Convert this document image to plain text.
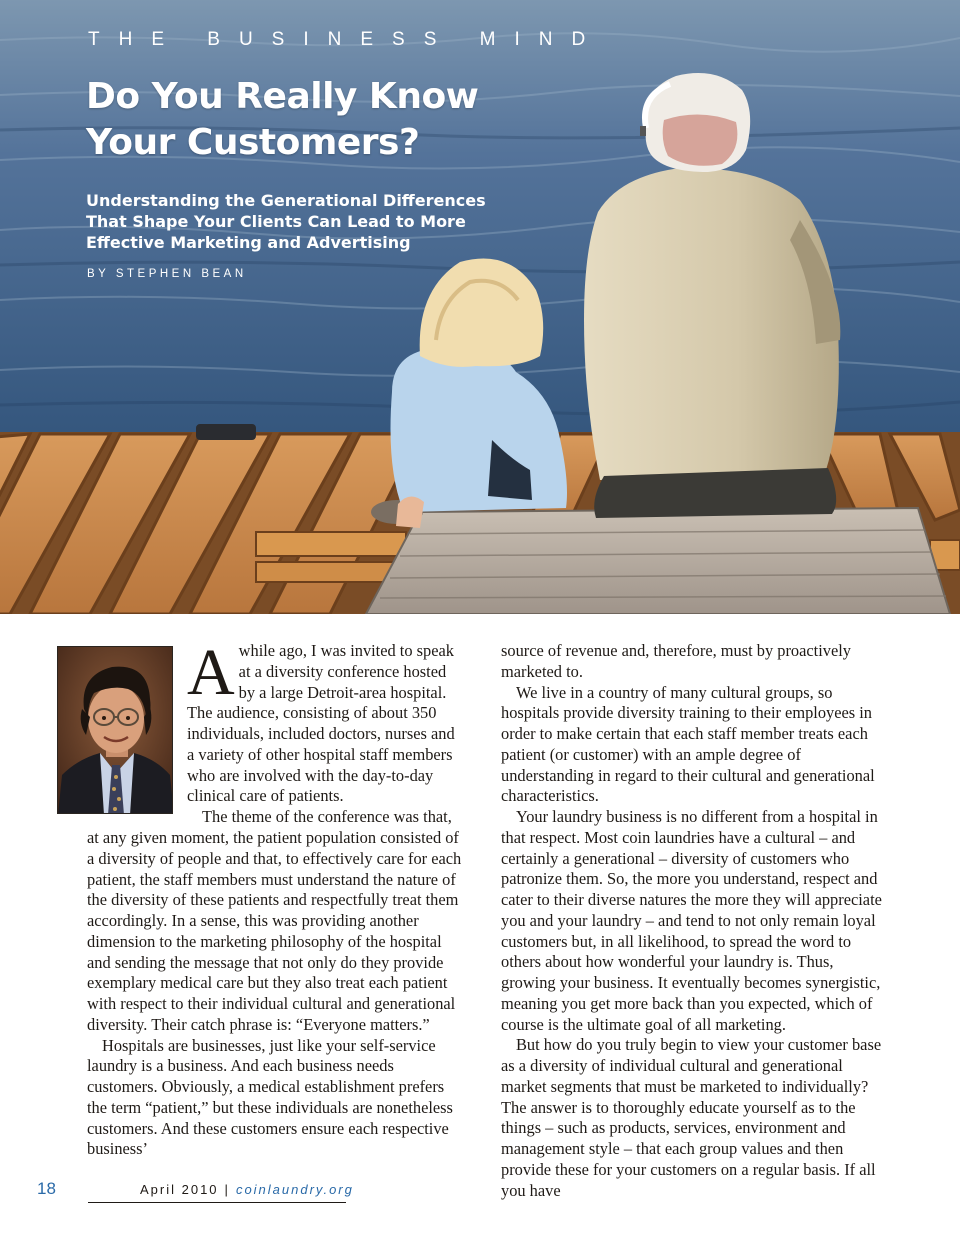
THE BUSINESS MIND
Do You Really Know Your Customers?

Understanding the Generational Differences That Shape Your Clients Can Lead to More Effective Marketing and Advertising

BY STEPHEN BEAN

Awhile ago, I was invited to speak at a diversity conference hosted by a large Detroit-area hospital. The audience, consisting of about 350 individuals, included doctors, nurses and a variety of other hospital staff members who are involved with the day-to-day clinical care of patients.

The theme of the conference was that,

at any given moment, the patient population consisted of a diversity of people and that, to effectively care for each patient, the staff members must understand the nature of the diversity of these patients and respectfully treat them accordingly. In a sense, this was providing another dimension to the marketing philosophy of the hospital and sending the message that not only do they provide exemplary medical care but they also treat each patient with respect to their individual cultural and generational diversity. Their catch phrase is: “Everyone matters.”

Hospitals are businesses, just like your self-service laundry is a business. And each business needs customers. Obviously, a medical establishment prefers the term “patient,” but these individuals are nonetheless customers. And these customers ensure each respective business’

source of revenue and, therefore, must by proactively marketed to.

We live in a country of many cultural groups, so hospitals provide diversity training to their employees in order to make certain that each staff member treats each patient (or customer) with an ample degree of understanding in regard to their cultural and generational characteristics.

Your laundry business is no different from a hospital in that respect. Most coin laundries have a cultural – and certainly a generational – diversity of customers who patronize them. So, the more you understand, respect and cater to their diverse natures the more they will appreciate you and your laundry – and tend to not only remain loyal customers but, in all likelihood, to spread the word to others about how wonderful your laundry is. Thus, growing your business. It eventually becomes synergistic, meaning you get more back than you expected, which of course is the ultimate goal of all marketing.

But how do you truly begin to view your customer base as a diversity of individual cultural and generational market segments that must be marketed to individually? The answer is to thoroughly educate yourself as to the things – such as products, services, environment and management style – that each group values and then provide these for your customers on a regular basis. If all you have

18	April 2010 | coinlaundry.org
